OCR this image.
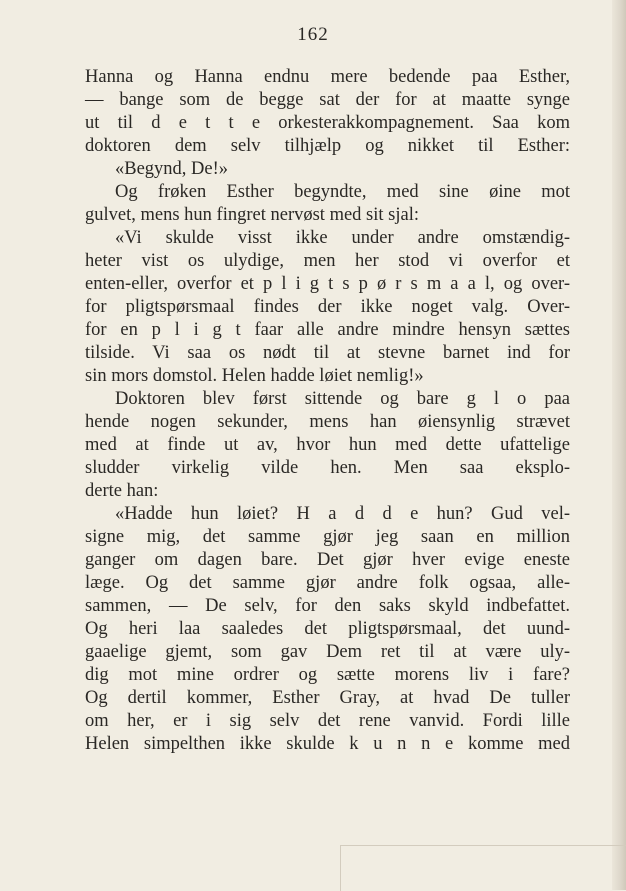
162
Hanna og Hanna endnu mere bedende paa Esther,
— bange som de begge sat der for at maatte synge
ut til d e t t e orkesterakkompagnement. Saa kom
doktoren dem selv tilhjælp og nikket til Esther:
«Begynd, De!»
Og frøken Esther begyndte, med sine øine mot
gulvet, mens hun fingret nervøst med sit sjal:
«Vi skulde visst ikke under andre omstændig-
heter vist os ulydige, men her stod vi overfor et
enten-eller, overfor et p l i g t s p ø r s m a a l, og over-
for pligtspørsmaal findes der ikke noget valg. Over-
for en p l i g t faar alle andre mindre hensyn sættes
tilside. Vi saa os nødt til at stevne barnet ind for
sin mors domstol. Helen hadde løiet nemlig!»
Doktoren blev først sittende og bare g l o paa
hende nogen sekunder, mens han øiensynlig strævet
med at finde ut av, hvor hun med dette ufattelige
sludder virkelig vilde hen. Men saa eksplo-
derte han:
«Hadde hun løiet? H a d d e hun? Gud vel-
signe mig, det samme gjør jeg saan en million
ganger om dagen bare. Det gjør hver evige eneste
læge. Og det samme gjør andre folk ogsaa, alle-
sammen, — De selv, for den saks skyld indbefattet.
Og heri laa saaledes det pligtspørsmaal, det uund-
gaaelige gjemt, som gav Dem ret til at være uly-
dig mot mine ordrer og sætte morens liv i fare?
Og dertil kommer, Esther Gray, at hvad De tuller
om her, er i sig selv det rene vanvid. Fordi lille
Helen simpelthen ikke skulde k u n n e komme med
